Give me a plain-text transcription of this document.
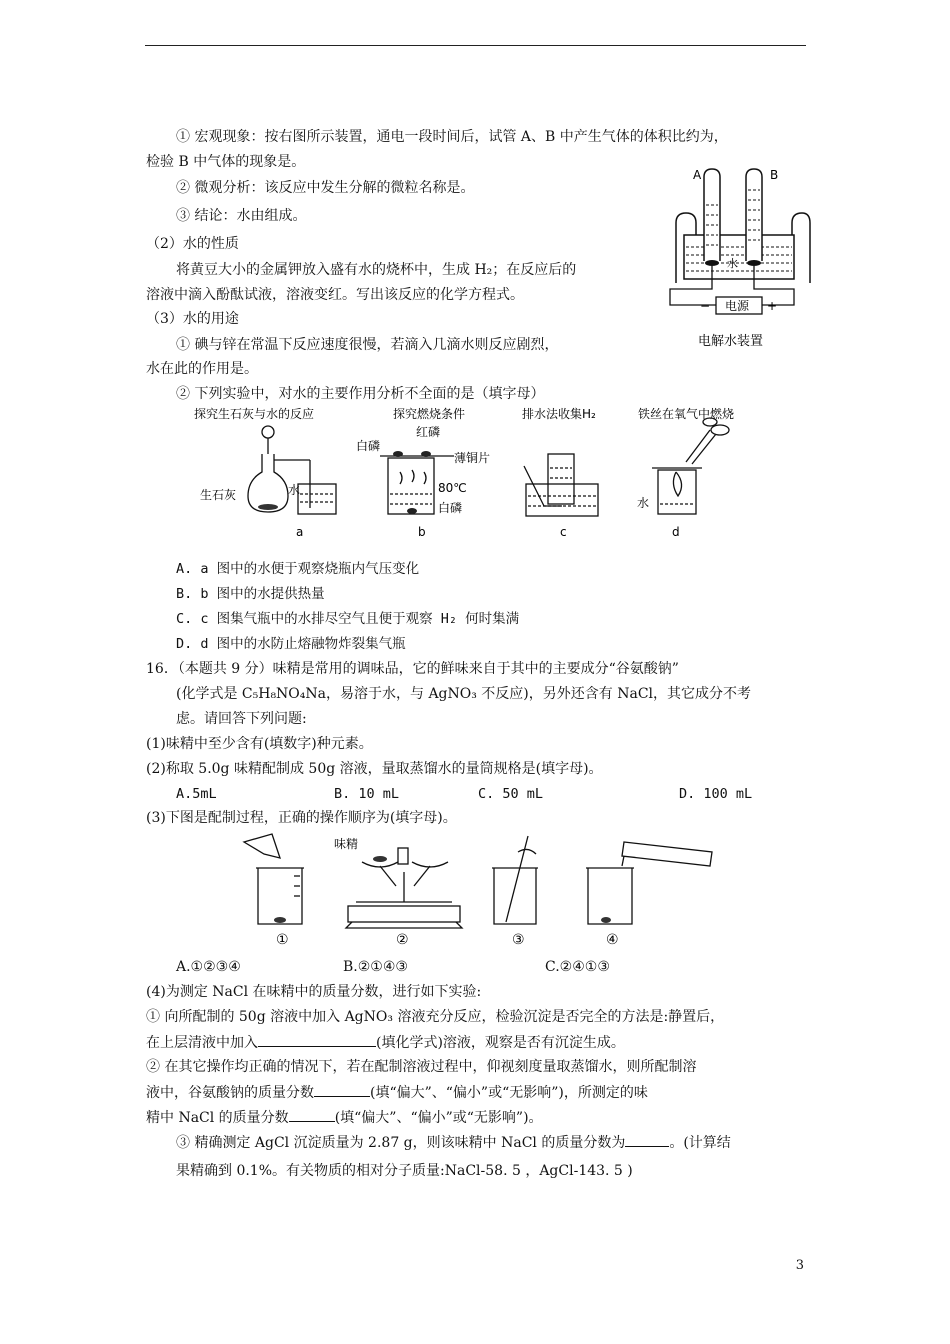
① 宏观现象：按右图所示装置，通电一段时间后，试管 A、B 中产生气体的体积比约为，
检验 B 中气体的现象是。
② 微观分析：该反应中发生分解的微粒名称是。
③ 结论：水由组成。
（2）水的性质
将黄豆大小的金属钾放入盛有水的烧杯中，生成 H₂；在反应后的
溶液中滴入酚酞试液，溶液变红。写出该反应的化学方程式。
（3）水的用途
① 碘与锌在常温下反应速度很慢，若滴入几滴水则反应剧烈，
水在此的作用是。
② 下列实验中，对水的主要作用分析不全面的是（填字母）
A	B
水
电源
−	+
电解水装置
探究生石灰与水的反应	探究燃烧条件	排水法收集H₂	铁丝在氧气中燃烧
生石灰	水
红磷
白磷
薄铜片
80℃
白磷	水
a	b	c	d
A. a 图中的水便于观察烧瓶内气压变化
B. b 图中的水提供热量
C. c 图集气瓶中的水排尽空气且便于观察 H₂ 何时集满
D. d 图中的水防止熔融物炸裂集气瓶
16．（本题共 9 分）味精是常用的调味品，它的鲜味来自于其中的主要成分“谷氨酸钠”
(化学式是 C₅H₈NO₄Na，易溶于水，与 AgNO₃ 不反应)，另外还含有 NaCl，其它成分不考
虑。请回答下列问题:
(1)味精中至少含有(填数字)种元素。
(2)称取 5.0g 味精配制成 50g 溶液，量取蒸馏水的量筒规格是(填字母)。
A.5mL	B. 10 mL	C. 50 mL	D. 100 mL
(3)下图是配制过程，正确的操作顺序为(填字母)。
味精
①	②	③	④
A.①②③④	B.②①④③	C.②④①③
(4)为测定 NaCl 在味精中的质量分数，进行如下实验:
① 向所配制的 50g 溶液中加入 AgNO₃ 溶液充分反应，检验沉淀是否完全的方法是:静置后，
在上层清液中加入	(填化学式)溶液，观察是否有沉淀生成。
② 在其它操作均正确的情况下，若在配制溶液过程中，仰视刻度量取蒸馏水，则所配制溶
液中，谷氨酸钠的质量分数	(填“偏大”、“偏小”或“无影响”)，所测定的味
精中 NaCl 的质量分数	(填“偏大”、“偏小”或“无影响”)。
③ 精确测定 AgCl 沉淀质量为 2.87 g，则该味精中 NaCl 的质量分数为	。(计算结
果精确到 0.1%。有关物质的相对分子质量:NaCl-58. 5 ，AgCl-143. 5 )
3
